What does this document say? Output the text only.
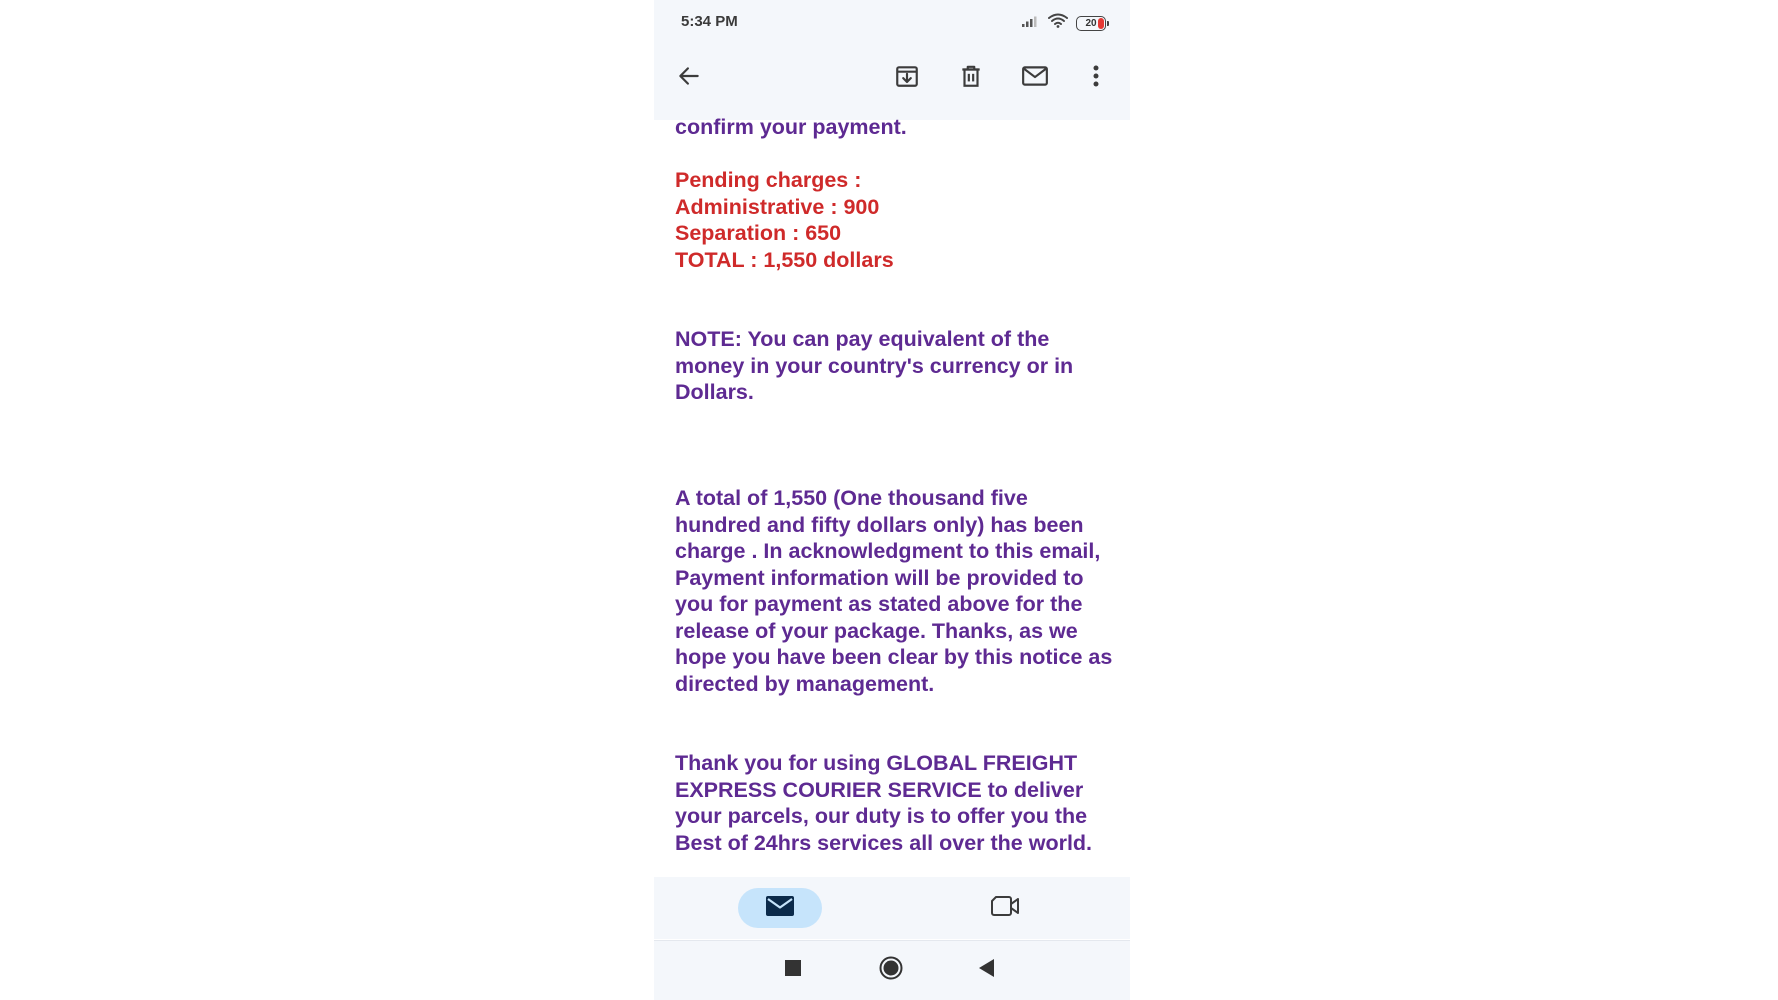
5:34 PM	20

confirm your payment.

Pending charges :

Administrative : 900

Separation : 650

TOTAL : 1,550 dollars

NOTE: You can pay equivalent of the money in your country's currency or in Dollars.

A total of 1,550 (One thousand five hundred and fifty dollars only) has been charge . In acknowledgment to this email, Payment information will be provided to you for payment as stated above for the release of your package. Thanks, as we hope you have been clear by this notice as directed by management.

Thank you for using GLOBAL FREIGHT EXPRESS COURIER SERVICE to deliver your parcels, our duty is to offer you the Best of 24hrs services all over the world.
